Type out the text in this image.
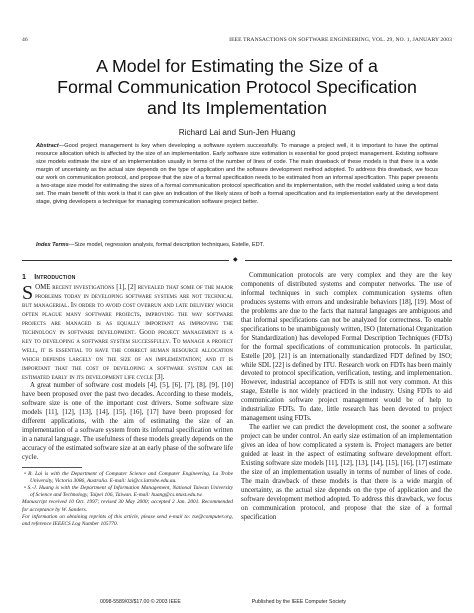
46	IEEE TRANSACTIONS ON SOFTWARE ENGINEERING, VOL. 29, NO. 1, JANUARY 2003
A Model for Estimating the Size of a
Formal Communication Protocol Specification
and Its Implementation
Richard Lai and Sun-Jen Huang
Abstract—Good project management is key when developing a software system successfully. To manage a project well, it is important to have the optimal resource allocation which is affected by the size of an implementation. Early software size estimation is essential for good project management. Existing software size models estimate the size of an implementation usually in terms of the number of lines of code. The main drawback of these models is that there is a wide margin of uncertainty as the actual size depends on the type of application and the software development method adopted. To address this drawback, we focus our work on communication protocol, and propose that the size of a formal specification needs to be estimated from an informal specification. This paper presents a two-stage size model for estimating the sizes of a formal communication protocol specification and its implementation, with the model validated using a test data set. The main benefit of this work is that it can give an indication of the likely sizes of both a formal specification and its implementation early at the development stage, giving developers a technique for managing communication software project better.
Index Terms—Size model, regression analysis, formal description techniques, Estelle, EDT.
◆
1 Introduction

SOME recent investigations [1], [2] revealed that some of the major problems today in developing software systems are not technical but managerial. In order to avoid cost overrun and late delivery which often plague many software projects, improving the way software projects are managed is as equally important as improving the technology in software development. Good project management is a key to developing a software system successfully. To manage a project well, it is essential to have the correct human resource allocation which depends largely on the size of an implementation; and it is important that the cost of developing a software system can be estimated early in its development life cycle [3].

A great number of software cost models [4], [5], [6], [7], [8], [9], [10] have been proposed over the past two decades. According to these models, software size is one of the important cost drivers. Some software size models [11], [12], [13], [14], [15], [16], [17] have been proposed for different applications, with the aim of estimating the size of an implementation of a software system from its informal specification written in a natural language. The usefulness of these models greatly depends on the accuracy of the estimated software size at an early phase of the software life cycle.

• R. Lai is with the Department of Computer Science and Computer Engineering, La Trobe University, Victoria 3086, Australia. E-mail: lai@cs.latrobe.edu.au.

• S.-J. Huang is with the Department of Information Management, National Taiwan University of Science and Technology, Taipei 106, Taiwan. E-mail: huang@cs.ntust.edu.tw.

Manuscript received 10 Oct. 1997; revised 30 May 2000; accepted 2 Jan. 2001. Recommended for acceptance by W. Sanders.

For information on obtaining reprints of this article, please send e-mail to: tse@computer.org, and reference IEEECS Log Number 105770.

Communication protocols are very complex and they are the key components of distributed systems and computer networks. The use of informal techniques in such complex communication systems often produces systems with errors and undesirable behaviors [18], [19]. Most of the problems are due to the facts that natural languages are ambiguous and that informal specifications can not be analyzed for correctness. To enable specifications to be unambiguously written, ISO (International Organization for Standardization) has developed Formal Description Techniques (FDTs) for the formal specifications of communication protocols. In particular, Estelle [20], [21] is an internationally standardized FDT defined by ISO; while SDL [22] is defined by ITU. Research work on FDTs has been mainly devoted to protocol specification, verification, testing, and implementation. However, industrial acceptance of FDTs is still not very common. At this stage, Estelle is not widely practiced in the industry. Using FDTs to aid communication software project management would be of help to industrialize FDTs. To date, little research has been devoted to project management using FDTs.

The earlier we can predict the development cost, the sooner a software project can be under control. An early size estimation of an implementation gives an idea of how complicated a system is. Project managers are better guided at least in the aspect of estimating software development effort. Existing software size models [11], [12], [13], [14], [15], [16], [17] estimate the size of an implementation usually in terms of number of lines of code. The main drawback of these models is that there is a wide margin of uncertainty, as the actual size depends on the type of application and the software development method adopted. To address this drawback, we focus on communication protocol, and propose that the size of a formal specification

0098-5589/03/$17.00 © 2003 IEEE	Published by the IEEE Computer Society
